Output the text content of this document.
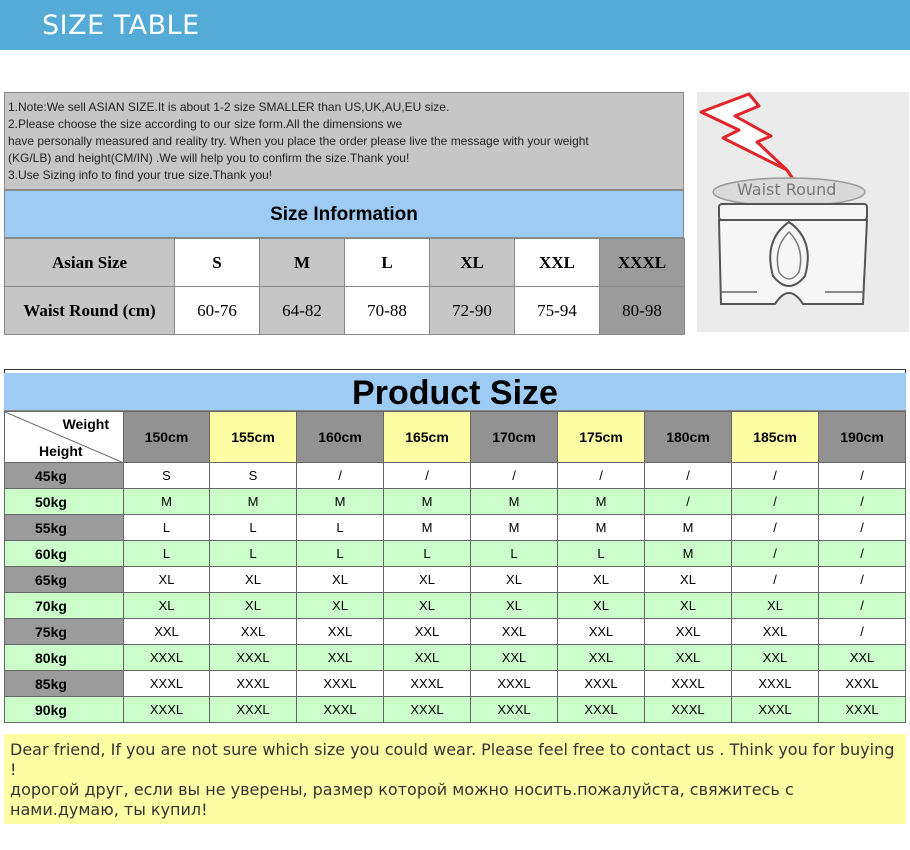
SIZE TABLE
1.Note:We sell ASIAN SIZE.It is about 1-2 size SMALLER than US,UK,AU,EU size.
2.Please choose the size according to our size form.All the dimensions we
have personally measured and reality try. When you place the order please live the message with your weight
(KG/LB) and height(CM/IN) .We will help you to confirm the size.Thank you!
3.Use Sizing info to find your true size.Thank you!
Size Information
Asian Size	S	M	L	XL	XXL	XXXL
Waist Round (cm)	60-76	64-82	70-88	72-90	75-94	80-98
Waist Round
Product Size
Weight
Height	150cm	155cm	160cm	165cm	170cm	175cm	180cm	185cm	190cm
45kg	S	S	/	/	/	/	/	/	/
50kg	M	M	M	M	M	M	/	/	/
55kg	L	L	L	M	M	M	M	/	/
60kg	L	L	L	L	L	L	M	/	/
65kg	XL	XL	XL	XL	XL	XL	XL	/	/
70kg	XL	XL	XL	XL	XL	XL	XL	XL	/
75kg	XXL	XXL	XXL	XXL	XXL	XXL	XXL	XXL	/
80kg	XXXL	XXXL	XXL	XXL	XXL	XXL	XXL	XXL	XXL
85kg	XXXL	XXXL	XXXL	XXXL	XXXL	XXXL	XXXL	XXXL	XXXL
90kg	XXXL	XXXL	XXXL	XXXL	XXXL	XXXL	XXXL	XXXL	XXXL
Dear friend, If you are not sure which size you could wear. Please feel free to contact us . Think you for buying !
дорогой друг, если вы не уверены, размер которой можно носить.пожалуйста, свяжитесь с нами.думаю, ты купил!
